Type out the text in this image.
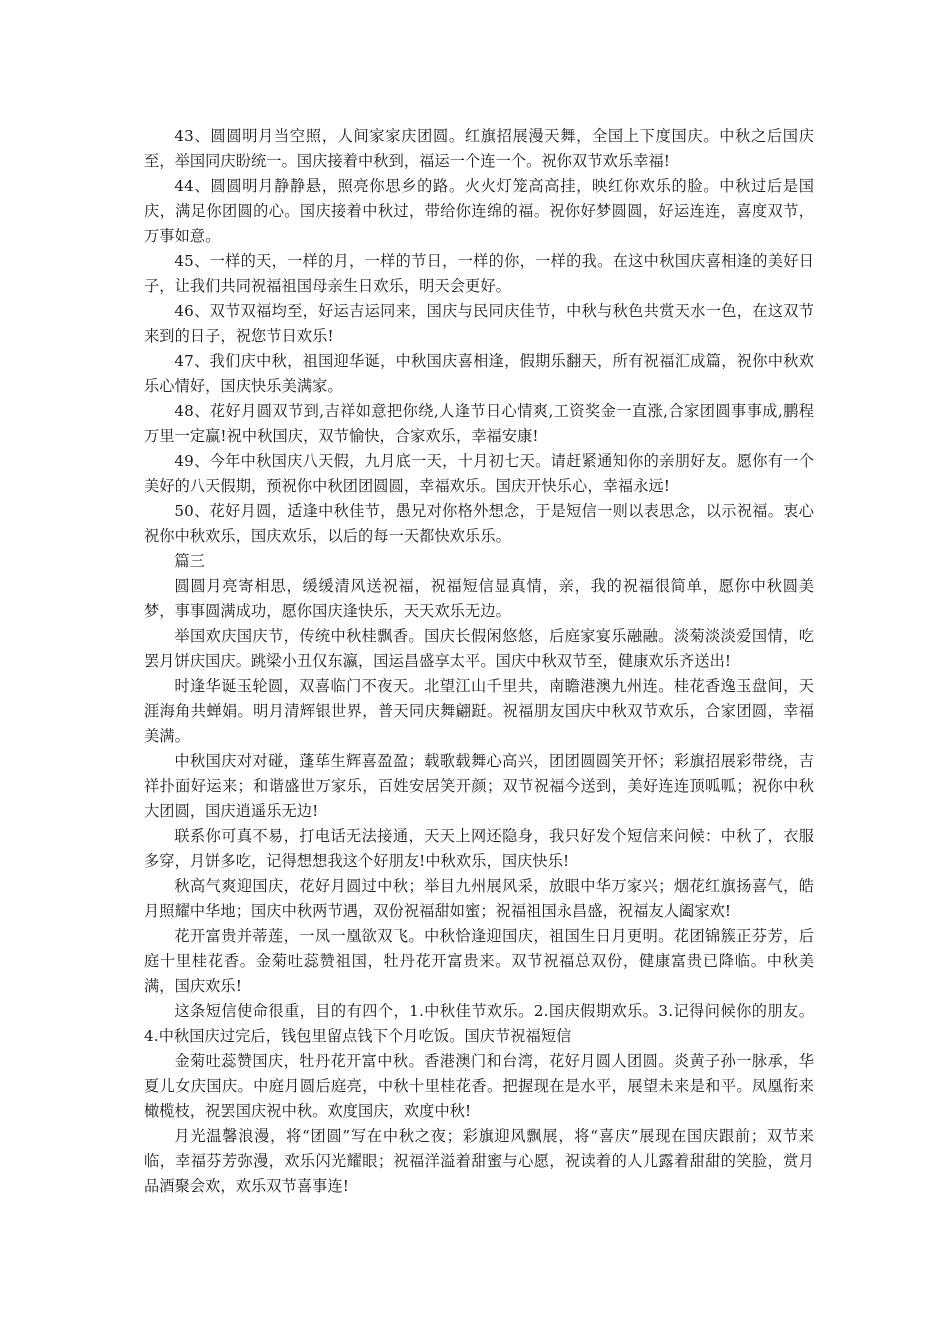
43、圆圆明月当空照，人间家家庆团圆。红旗招展漫天舞，全国上下度国庆。中秋之后国庆至，举国同庆盼统一。国庆接着中秋到，福运一个连一个。祝你双节欢乐幸福!

44、圆圆明月静静悬，照亮你思乡的路。火火灯笼高高挂，映红你欢乐的脸。中秋过后是国庆，满足你团圆的心。国庆接着中秋过，带给你连绵的福。祝你好梦圆圆，好运连连，喜度双节，万事如意。

45、一样的天，一样的月，一样的节日，一样的你，一样的我。在这中秋国庆喜相逢的美好日子，让我们共同祝福祖国母亲生日欢乐，明天会更好。

46、双节双福均至，好运吉运同来，国庆与民同庆佳节，中秋与秋色共赏天水一色，在这双节来到的日子，祝您节日欢乐!

47、我们庆中秋，祖国迎华诞，中秋国庆喜相逢，假期乐翻天，所有祝福汇成篇，祝你中秋欢乐心情好，国庆快乐美满家。

48、花好月圆双节到,吉祥如意把你绕,人逢节日心情爽,工资奖金一直涨,合家团圆事事成,鹏程万里一定赢!祝中秋国庆，双节愉快，合家欢乐，幸福安康!

49、今年中秋国庆八天假，九月底一天，十月初七天。请赶紧通知你的亲朋好友。愿你有一个美好的八天假期，预祝你中秋团团圆圆，幸福欢乐。国庆开快乐心，幸福永远!

50、花好月圆，适逢中秋佳节，愚兄对你格外想念，于是短信一则以表思念，以示祝福。衷心祝你中秋欢乐，国庆欢乐，以后的每一天都快欢乐乐。

篇三

圆圆月亮寄相思，缓缓清风送祝福，祝福短信显真情，亲，我的祝福很简单，愿你中秋圆美梦，事事圆满成功，愿你国庆逢快乐，天天欢乐无边。

举国欢庆国庆节，传统中秋桂飘香。国庆长假闲悠悠，后庭家宴乐融融。淡菊淡淡爱国情，吃罢月饼庆国庆。跳梁小丑仅东瀛，国运昌盛享太平。国庆中秋双节至，健康欢乐齐送出!

时逢华诞玉轮圆，双喜临门不夜天。北望江山千里共，南瞻港澳九州连。桂花香逸玉盘间，天涯海角共蝉娟。明月清辉银世界，普天同庆舞翩跹。祝福朋友国庆中秋双节欢乐，合家团圆，幸福美满。

中秋国庆对对碰，蓬荜生辉喜盈盈；载歌载舞心高兴，团团圆圆笑开怀；彩旗招展彩带绕，吉祥扑面好运来；和谐盛世万家乐，百姓安居笑开颜；双节祝福今送到，美好连连顶呱呱；祝你中秋大团圆，国庆逍遥乐无边!

联系你可真不易，打电话无法接通，天天上网还隐身，我只好发个短信来问候：中秋了，衣服多穿，月饼多吃，记得想想我这个好朋友!中秋欢乐，国庆快乐!

秋高气爽迎国庆，花好月圆过中秋；举目九州展风采，放眼中华万家兴；烟花红旗扬喜气，皓月照耀中华地；国庆中秋两节遇，双份祝福甜如蜜；祝福祖国永昌盛，祝福友人阖家欢!

花开富贵并蒂莲，一凤一凰欲双飞。中秋恰逢迎国庆，祖国生日月更明。花团锦簇正芬芳，后庭十里桂花香。金菊吐蕊赞祖国，牡丹花开富贵来。双节祝福总双份，健康富贵已降临。中秋美满，国庆欢乐!

这条短信使命很重，目的有四个，1.中秋佳节欢乐。2.国庆假期欢乐。3.记得问候你的朋友。4.中秋国庆过完后，钱包里留点钱下个月吃饭。国庆节祝福短信

金菊吐蕊赞国庆，牡丹花开富中秋。香港澳门和台湾，花好月圆人团圆。炎黄子孙一脉承，华夏儿女庆国庆。中庭月圆后庭亮，中秋十里桂花香。把握现在是水平，展望未来是和平。凤凰衔来橄榄枝，祝罢国庆祝中秋。欢度国庆，欢度中秋!

月光温馨浪漫，将“团圆”写在中秋之夜；彩旗迎风飘展，将“喜庆”展现在国庆跟前；双节来临，幸福芬芳弥漫，欢乐闪光耀眼；祝福洋溢着甜蜜与心愿，祝读着的人儿露着甜甜的笑脸，赏月品酒聚会欢，欢乐双节喜事连!
